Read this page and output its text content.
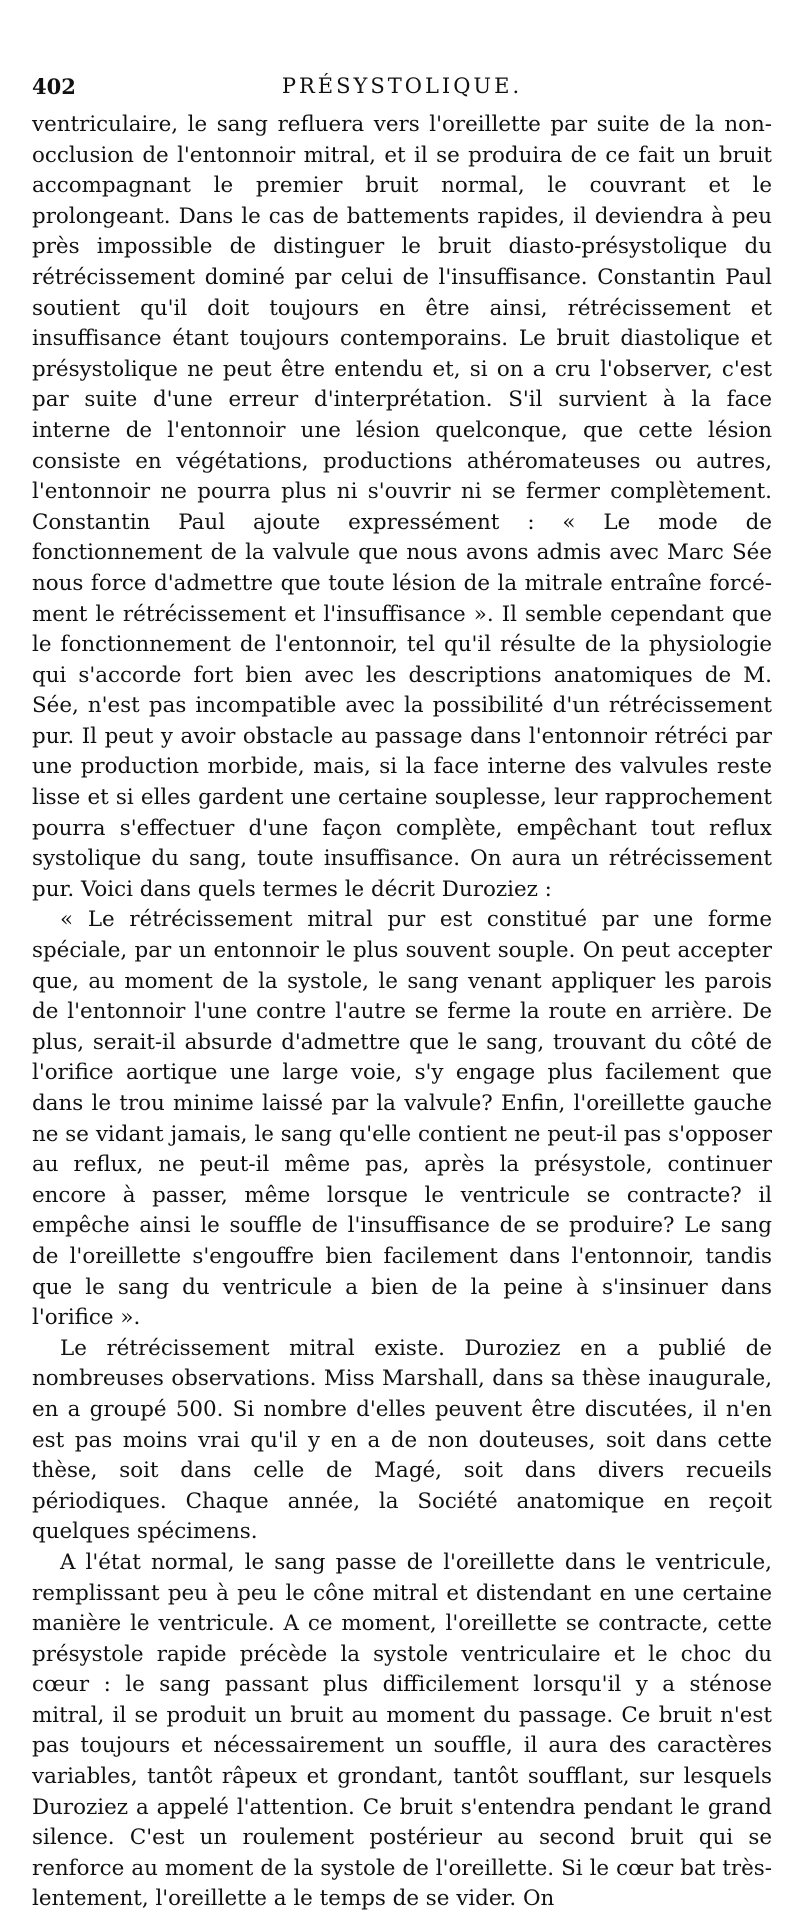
402	PRÉSYSTOLIQUE.

ventriculaire, le sang refluera vers l'oreillette par suite de la non-occlusion de l'entonnoir mitral, et il se produira de ce fait un bruit accompagnant le premier bruit normal, le couvrant et le prolongeant. Dans le cas de battements rapides, il deviendra à peu près impossible de distinguer le bruit diasto-présystolique du rétrécissement dominé par celui de l'insuffisance. Constantin Paul soutient qu'il doit toujours en être ainsi, rétrécissement et insuffisance étant toujours contemporains. Le bruit diastolique et présystolique ne peut être entendu et, si on a cru l'observer, c'est par suite d'une erreur d'interprétation. S'il survient à la face interne de l'entonnoir une lésion quelconque, que cette lésion consiste en végétations, productions athéromateuses ou autres, l'entonnoir ne pourra plus ni s'ouvrir ni se fermer complètement. Constantin Paul ajoute expressément : « Le mode de fonctionnement de la valvule que nous avons admis avec Marc Sée nous force d'admettre que toute lésion de la mitrale entraîne forcément le rétrécissement et l'insuffisance ». Il semble cependant que le fonctionnement de l'entonnoir, tel qu'il résulte de la physiologie qui s'accorde fort bien avec les descriptions anatomiques de M. Sée, n'est pas incompatible avec la possibilité d'un rétrécissement pur. Il peut y avoir obstacle au passage dans l'entonnoir rétréci par une production morbide, mais, si la face interne des valvules reste lisse et si elles gardent une certaine souplesse, leur rapprochement pourra s'effectuer d'une façon complète, empêchant tout reflux systolique du sang, toute insuffisance. On aura un rétrécissement pur. Voici dans quels termes le décrit Duroziez :

« Le rétrécissement mitral pur est constitué par une forme spéciale, par un entonnoir le plus souvent souple. On peut accepter que, au moment de la systole, le sang venant appliquer les parois de l'entonnoir l'une contre l'autre se ferme la route en arrière. De plus, serait-il absurde d'admettre que le sang, trouvant du côté de l'orifice aortique une large voie, s'y engage plus facilement que dans le trou minime laissé par la valvule? Enfin, l'oreillette gauche ne se vidant jamais, le sang qu'elle contient ne peut-il pas s'opposer au reflux, ne peut-il même pas, après la présystole, continuer encore à passer, même lorsque le ventricule se contracte? il empêche ainsi le souffle de l'insuffisance de se produire? Le sang de l'oreillette s'engouffre bien facilement dans l'entonnoir, tandis que le sang du ventricule a bien de la peine à s'insinuer dans l'orifice ».

Le rétrécissement mitral existe. Duroziez en a publié de nombreuses observations. Miss Marshall, dans sa thèse inaugurale, en a groupé 500. Si nombre d'elles peuvent être discutées, il n'en est pas moins vrai qu'il y en a de non douteuses, soit dans cette thèse, soit dans celle de Magé, soit dans divers recueils périodiques. Chaque année, la Société anatomique en reçoit quelques spécimens.

A l'état normal, le sang passe de l'oreillette dans le ventricule, remplissant peu à peu le cône mitral et distendant en une certaine manière le ventricule. A ce moment, l'oreillette se contracte, cette présystole rapide précède la systole ventriculaire et le choc du cœur : le sang passant plus difficilement lorsqu'il y a sténose mitral, il se produit un bruit au moment du passage. Ce bruit n'est pas toujours et nécessairement un souffle, il aura des caractères variables, tantôt râpeux et grondant, tantôt soufflant, sur lesquels Duroziez a appelé l'attention. Ce bruit s'entendra pendant le grand silence. C'est un roulement postérieur au second bruit qui se renforce au moment de la systole de l'oreillette. Si le cœur bat très-lentement, l'oreillette a le temps de se vider. On
